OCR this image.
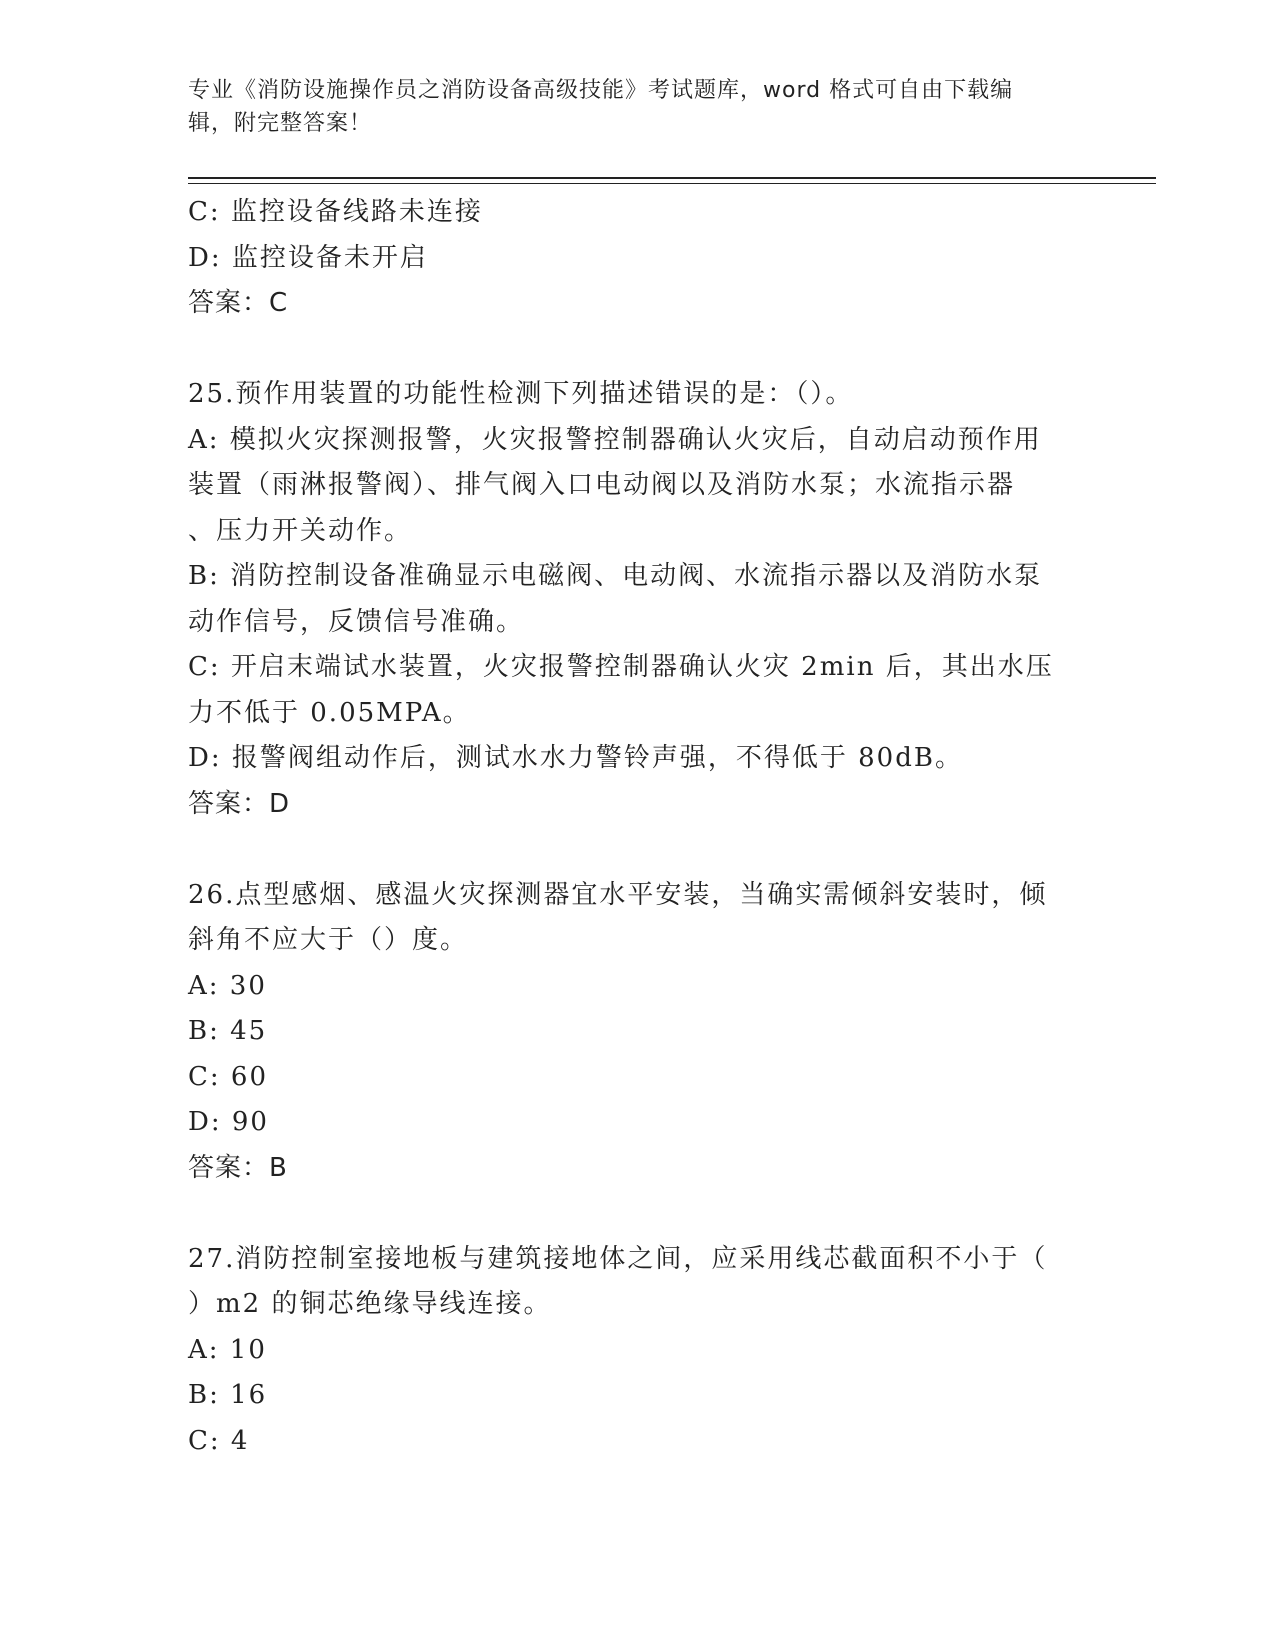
专业《消防设施操作员之消防设备高级技能》考试题库，word 格式可自由下载编
辑，附完整答案！

C: 监控设备线路未连接

D: 监控设备未开启

答案：C

25.预作用装置的功能性检测下列描述错误的是：（）。

A: 模拟火灾探测报警，火灾报警控制器确认火灾后，自动启动预作用

装置（雨淋报警阀）、排气阀入口电动阀以及消防水泵；水流指示器

、压力开关动作。

B: 消防控制设备准确显示电磁阀、电动阀、水流指示器以及消防水泵

动作信号，反馈信号准确。

C: 开启末端试水装置，火灾报警控制器确认火灾 2min 后，其出水压

力不低于 0.05MPA。

D: 报警阀组动作后，测试水水力警铃声强，不得低于 80dB。

答案：D

26.点型感烟、感温火灾探测器宜水平安装，当确实需倾斜安装时，倾

斜角不应大于（）度。

A: 30

B: 45

C: 60

D: 90

答案：B

27.消防控制室接地板与建筑接地体之间，应采用线芯截面积不小于（

）m2 的铜芯绝缘导线连接。

A: 10

B: 16

C: 4
